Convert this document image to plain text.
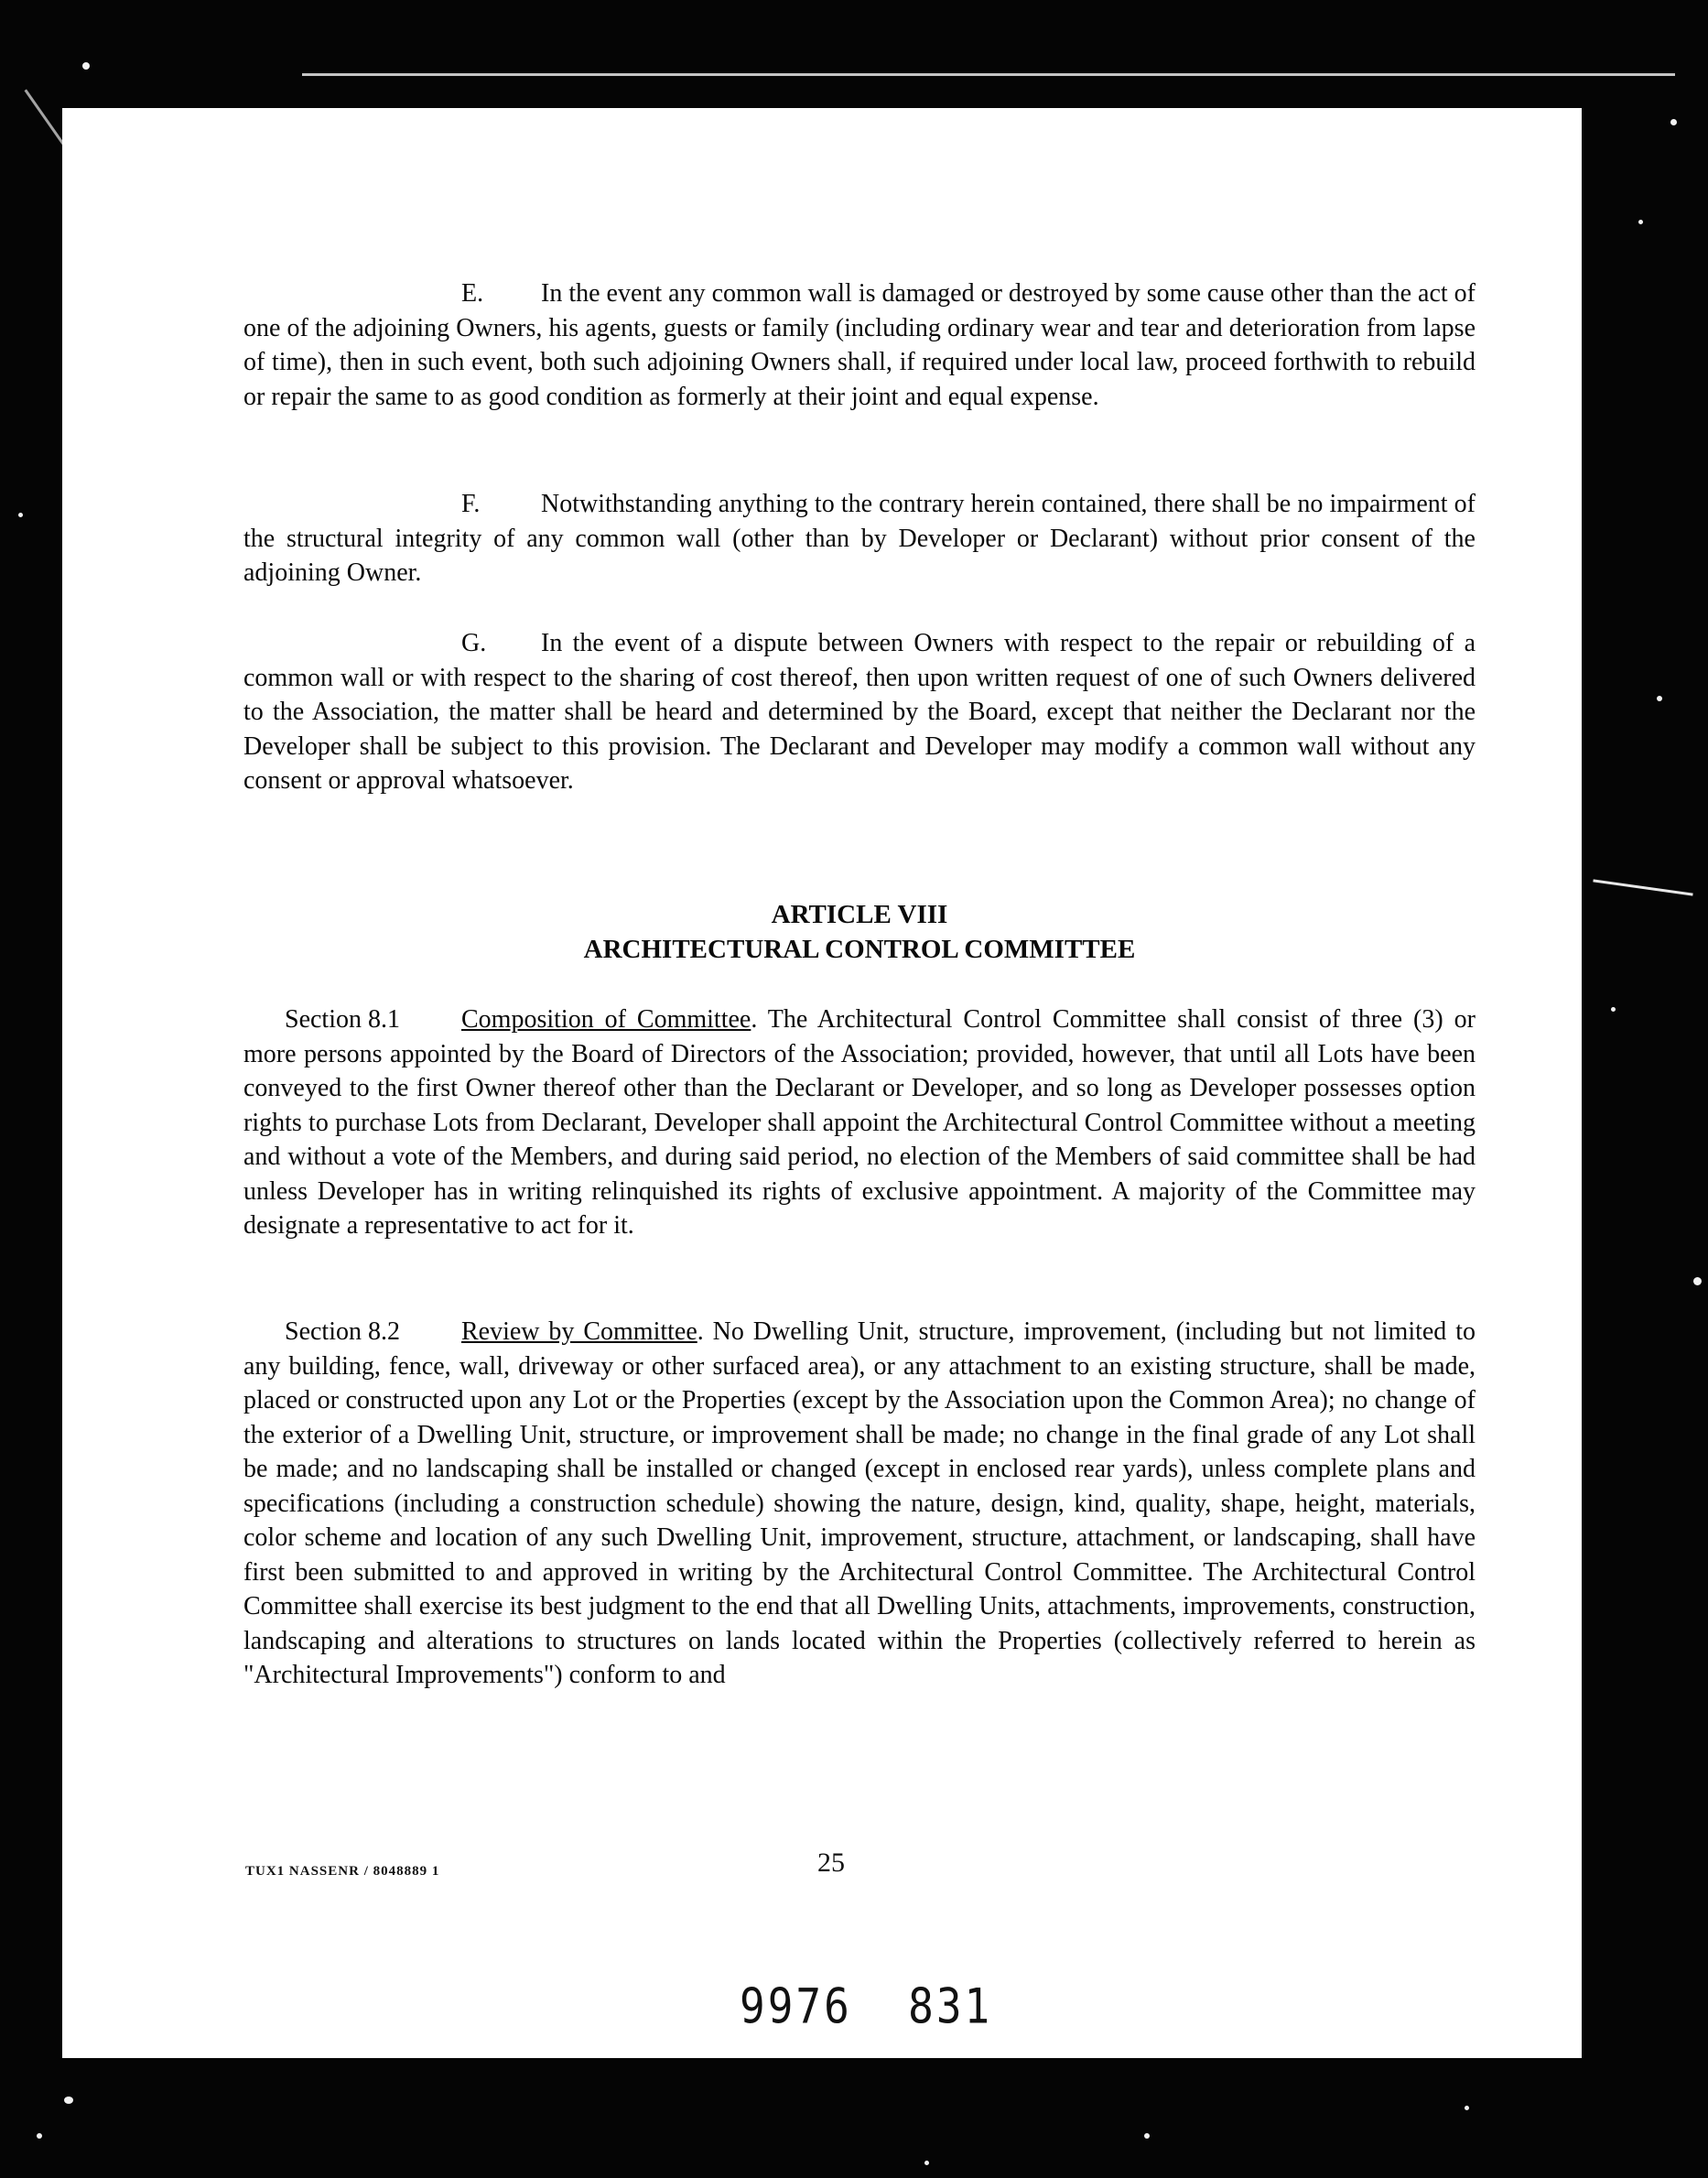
E. In the event any common wall is damaged or destroyed by some cause other than the act of one of the adjoining Owners, his agents, guests or family (including ordinary wear and tear and deterioration from lapse of time), then in such event, both such adjoining Owners shall, if required under local law, proceed forthwith to rebuild or repair the same to as good condition as formerly at their joint and equal expense.

F. Notwithstanding anything to the contrary herein contained, there shall be no impairment of the structural integrity of any common wall (other than by Developer or Declarant) without prior consent of the adjoining Owner.

G. In the event of a dispute between Owners with respect to the repair or rebuilding of a common wall or with respect to the sharing of cost thereof, then upon written request of one of such Owners delivered to the Association, the matter shall be heard and determined by the Board, except that neither the Declarant nor the Developer shall be subject to this provision. The Declarant and Developer may modify a common wall without any consent or approval whatsoever.

ARTICLE VIII

ARCHITECTURAL CONTROL COMMITTEE

Section 8.1 Composition of Committee. The Architectural Control Committee shall consist of three (3) or more persons appointed by the Board of Directors of the Association; provided, however, that until all Lots have been conveyed to the first Owner thereof other than the Declarant or Developer, and so long as Developer possesses option rights to purchase Lots from Declarant, Developer shall appoint the Architectural Control Committee without a meeting and without a vote of the Members, and during said period, no election of the Members of said committee shall be had unless Developer has in writing relinquished its rights of exclusive appointment. A majority of the Committee may designate a representative to act for it.

Section 8.2 Review by Committee. No Dwelling Unit, structure, improvement, (including but not limited to any building, fence, wall, driveway or other surfaced area), or any attachment to an existing structure, shall be made, placed or constructed upon any Lot or the Properties (except by the Association upon the Common Area); no change of the exterior of a Dwelling Unit, structure, or improvement shall be made; no change in the final grade of any Lot shall be made; and no landscaping shall be installed or changed (except in enclosed rear yards), unless complete plans and specifications (including a construction schedule) showing the nature, design, kind, quality, shape, height, materials, color scheme and location of any such Dwelling Unit, improvement, structure, attachment, or landscaping, shall have first been submitted to and approved in writing by the Architectural Control Committee. The Architectural Control Committee shall exercise its best judgment to the end that all Dwelling Units, attachments, improvements, construction, landscaping and alterations to structures on lands located within the Properties (collectively referred to herein as "Architectural Improvements") conform to and

TUX1 NASSENR / 8048889 1	25
9976  831
